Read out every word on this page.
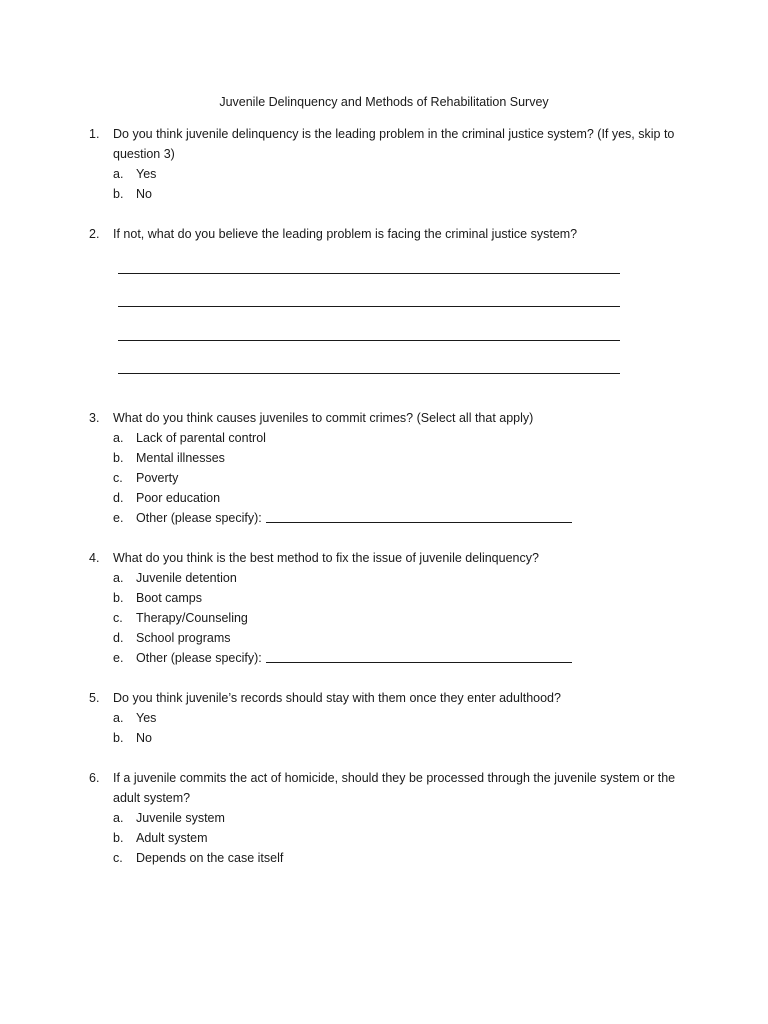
Juvenile Delinquency and Methods of Rehabilitation Survey
1.	Do you think juvenile delinquency is the leading problem in the criminal justice system? (If yes, skip to question 3)
a.	Yes
b.	No
2.	If not, what do you believe the leading problem is facing the criminal justice system?
3.	What do you think causes juveniles to commit crimes? (Select all that apply)
a.	Lack of parental control
b.	Mental illnesses
c.	Poverty
d.	Poor education
e.	Other (please specify):
4.	What do you think is the best method to fix the issue of juvenile delinquency?
a.	Juvenile detention
b.	Boot camps
c.	Therapy/Counseling
d.	School programs
e.	Other (please specify):
5.	Do you think juvenile’s records should stay with them once they enter adulthood?
a.	Yes
b.	No
6.	If a juvenile commits the act of homicide, should they be processed through the juvenile system or the adult system?
a.	Juvenile system
b.	Adult system
c.	Depends on the case itself
